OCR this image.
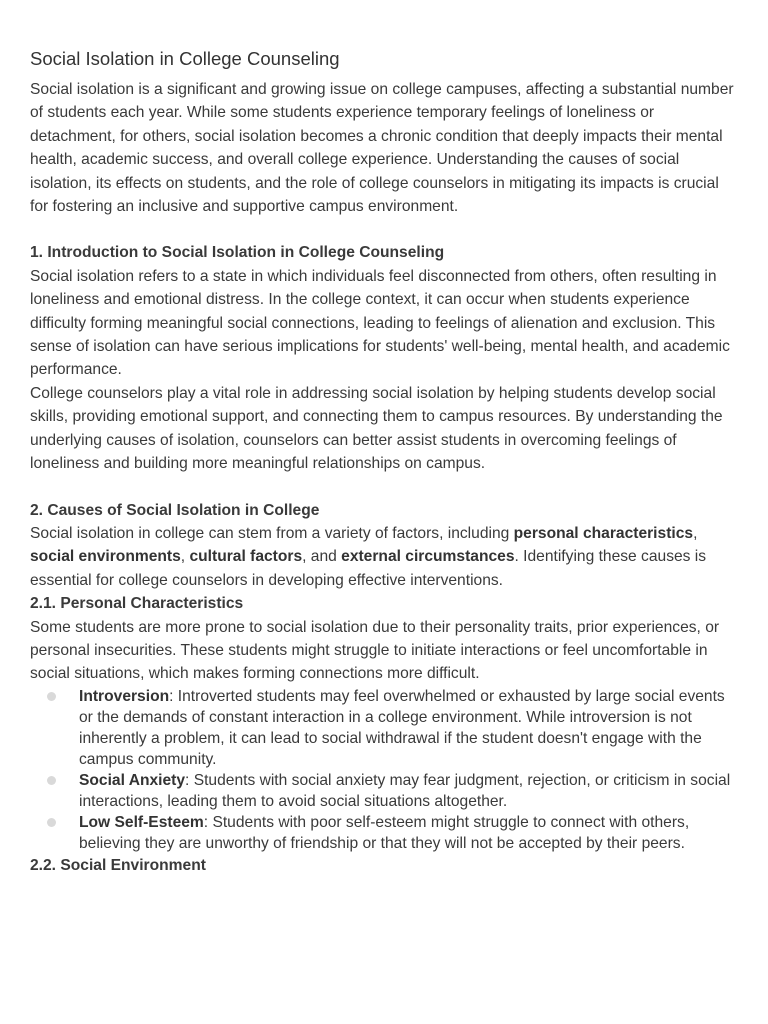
Social Isolation in College Counseling

Social isolation is a significant and growing issue on college campuses, affecting a substantial number of students each year. While some students experience temporary feelings of loneliness or detachment, for others, social isolation becomes a chronic condition that deeply impacts their mental health, academic success, and overall college experience. Understanding the causes of social isolation, its effects on students, and the role of college counselors in mitigating its impacts is crucial for fostering an inclusive and supportive campus environment.

1. Introduction to Social Isolation in College Counseling

Social isolation refers to a state in which individuals feel disconnected from others, often resulting in loneliness and emotional distress. In the college context, it can occur when students experience difficulty forming meaningful social connections, leading to feelings of alienation and exclusion. This sense of isolation can have serious implications for students' well-being, mental health, and academic performance.

College counselors play a vital role in addressing social isolation by helping students develop social skills, providing emotional support, and connecting them to campus resources. By understanding the underlying causes of isolation, counselors can better assist students in overcoming feelings of loneliness and building more meaningful relationships on campus.

2. Causes of Social Isolation in College

Social isolation in college can stem from a variety of factors, including personal characteristics, social environments, cultural factors, and external circumstances. Identifying these causes is essential for college counselors in developing effective interventions.

2.1. Personal Characteristics

Some students are more prone to social isolation due to their personality traits, prior experiences, or personal insecurities. These students might struggle to initiate interactions or feel uncomfortable in social situations, which makes forming connections more difficult.

Introversion: Introverted students may feel overwhelmed or exhausted by large social events or the demands of constant interaction in a college environment. While introversion is not inherently a problem, it can lead to social withdrawal if the student doesn't engage with the campus community.
Social Anxiety: Students with social anxiety may fear judgment, rejection, or criticism in social interactions, leading them to avoid social situations altogether.
Low Self-Esteem: Students with poor self-esteem might struggle to connect with others, believing they are unworthy of friendship or that they will not be accepted by their peers.

2.2. Social Environment
